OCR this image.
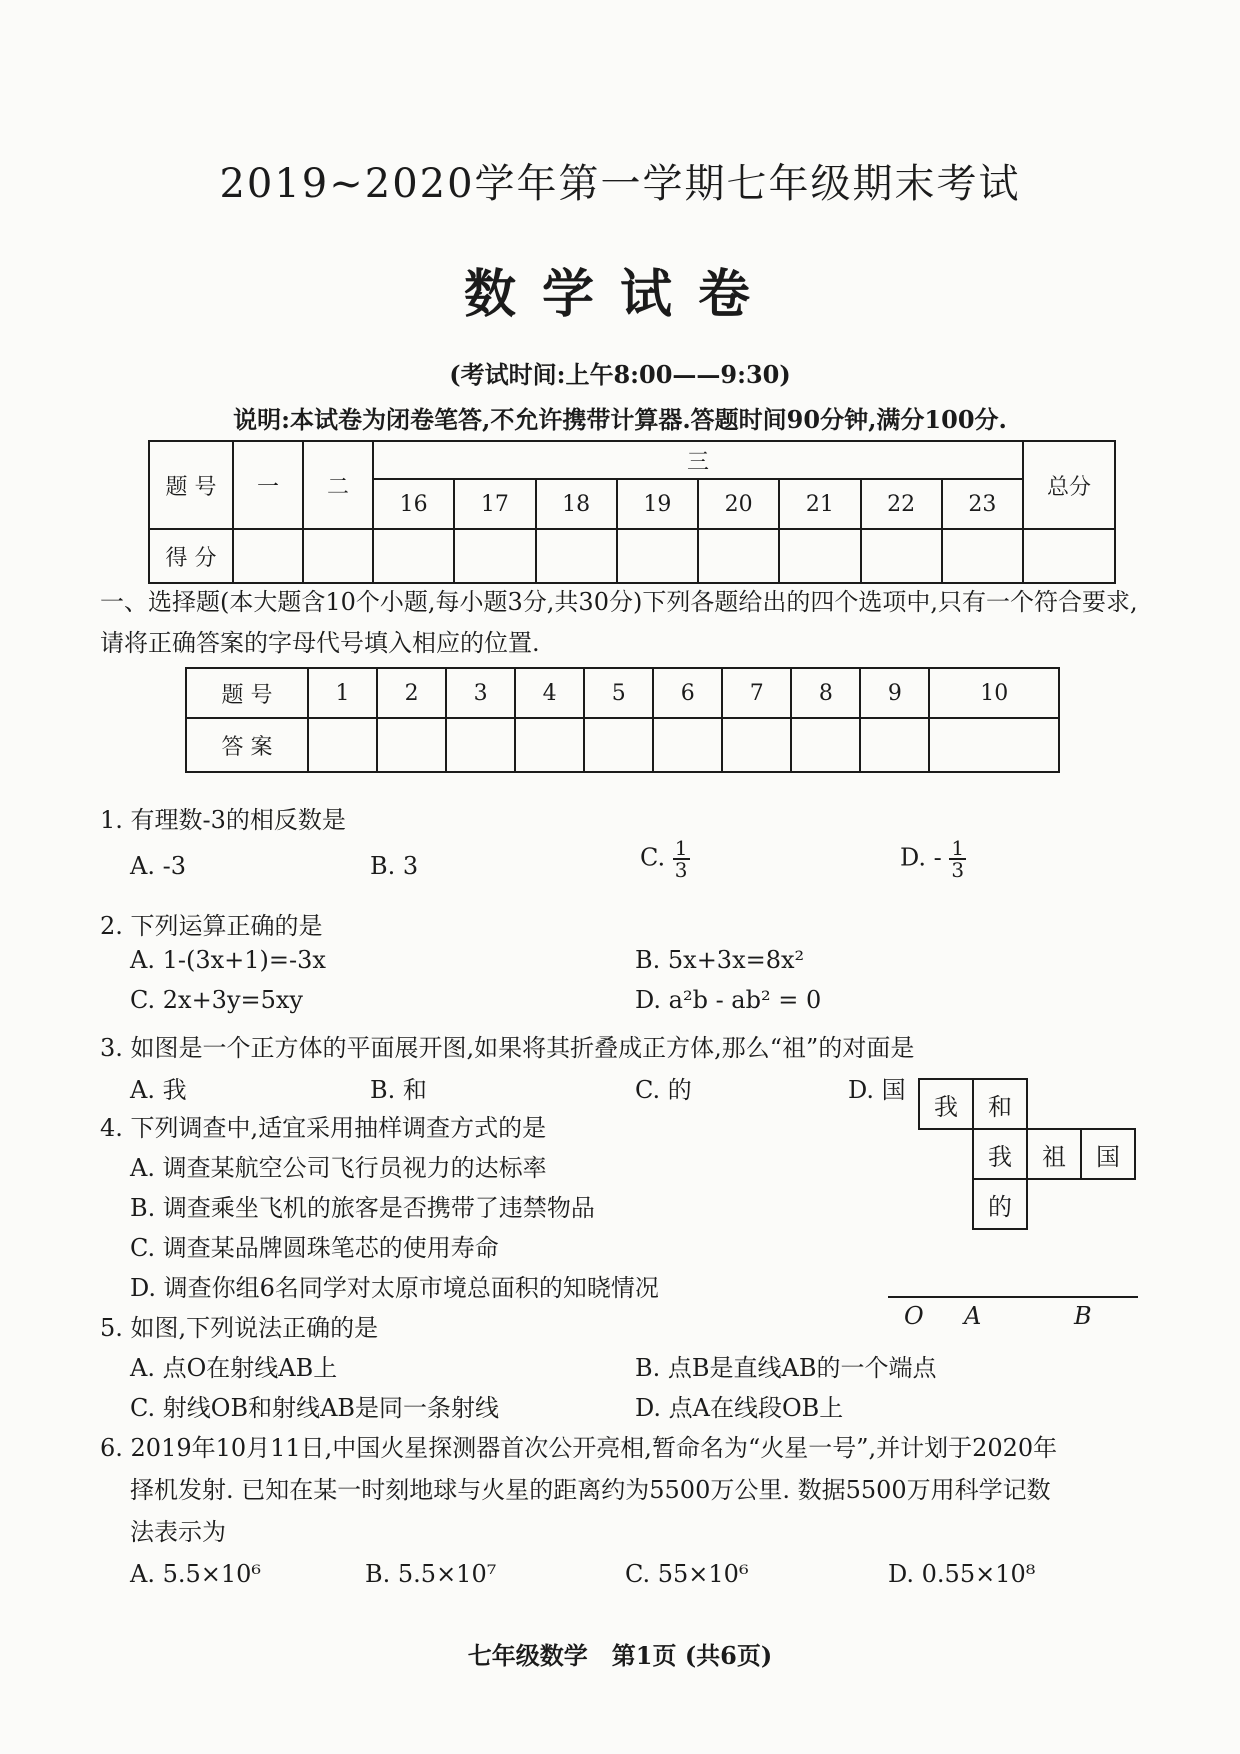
2019~2020学年第一学期七年级期末考试
数学试卷
(考试时间:上午8:00——9:30)
说明:本试卷为闭卷笔答,不允许携带计算器.答题时间90分钟,满分100分.
题 号	一	二	三								总分
			16	17	18	19	20	21	22	23	
得 分											
一、选择题(本大题含10个小题,每小题3分,共30分)下列各题给出的四个选项中,只有一个符合要求,请将正确答案的字母代号填入相应的位置.
题 号	1	2	3	4	5	6	7	8	9	10
答 案										
1. 有理数-3的相反数是
A. -3	B. 3	C. $\frac{1}{3}$	D. - $\frac{1}{3}$
2. 下列运算正确的是
A. 1-(3x+1)=-3x	B. 5x+3x=8x²
C. 2x+3y=5xy	D. a²b - ab² = 0
3. 如图是一个正方体的平面展开图,如果将其折叠成正方体,那么“祖”的对面是
A. 我	B. 和	C. 的	D. 国
我	和
我	祖	国
的
4. 下列调查中,适宜采用抽样调查方式的是
A. 调查某航空公司飞行员视力的达标率
B. 调查乘坐飞机的旅客是否携带了违禁物品
C. 调查某品牌圆珠笔芯的使用寿命
D. 调查你组6名同学对太原市境总面积的知晓情况
O A	B
5. 如图,下列说法正确的是
A. 点O在射线AB上	B. 点B是直线AB的一个端点
C. 射线OB和射线AB是同一条射线	D. 点A在线段OB上
6. 2019年10月11日,中国火星探测器首次公开亮相,暂命名为“火星一号”,并计划于2020年
择机发射. 已知在某一时刻地球与火星的距离约为5500万公里. 数据5500万用科学记数
法表示为
A. 5.5×10⁶	B. 5.5×10⁷	C. 55×10⁶	D. 0.55×10⁸
七年级数学　第1页 (共6页)
